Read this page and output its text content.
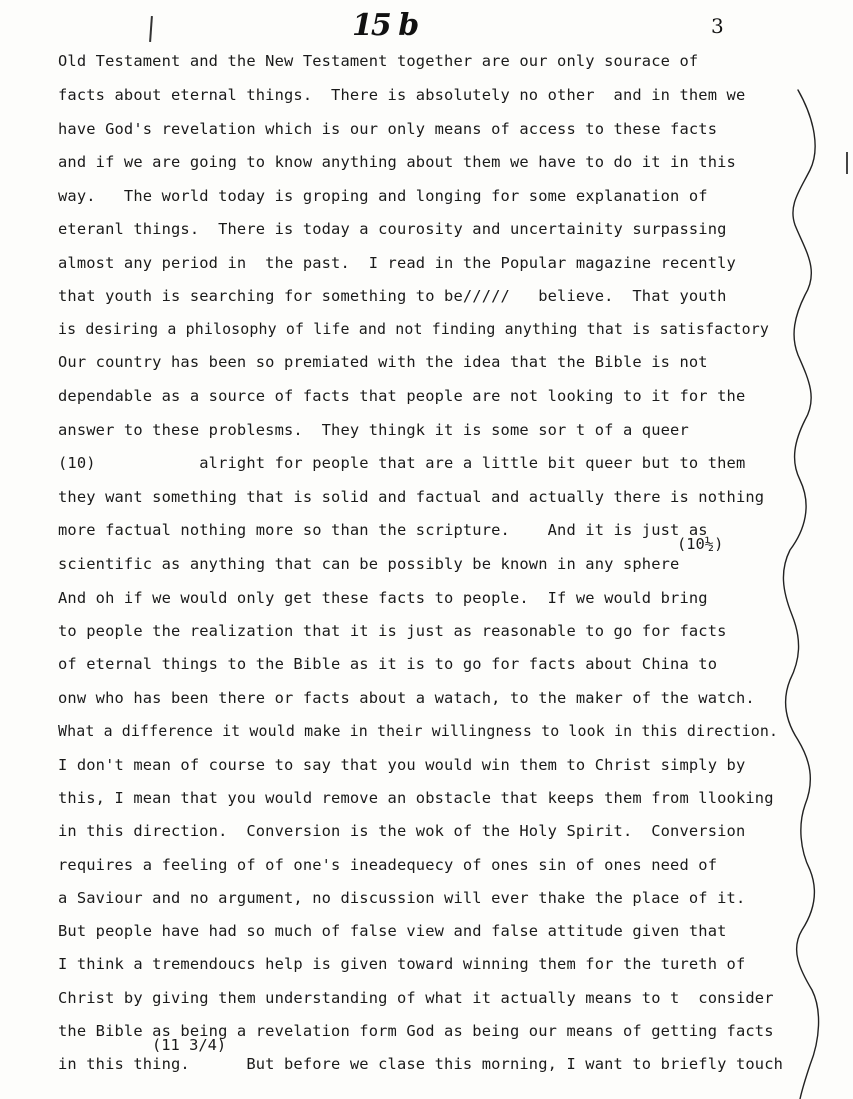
15 b	3
Old Testament and the New Testament together are our only sourace of
facts about eternal things.  There is absolutely no other  and in them we
have God's revelation which is our only means of access to these facts
and if we are going to know anything about them we have to do it in this
way.   The world today is groping and longing for some explanation of
eteranl things.  There is today a courosity and uncertainity surpassing
almost any period in  the past.  I read in the Popular magazine recently
that youth is searching for something to be/////   believe.  That youth
is desiring a philosophy of life and not finding anything that is satisfactory
Our country has been so premiated with the idea that the Bible is not
dependable as a source of facts that people are not looking to it for the
answer to these problesms.  They thingk it is some sor t of a queer
(10)           alright for people that are a little bit queer but to them
they want something that is solid and factual and actually there is nothing
more factual nothing more so than the scripture.    And it is just as
scientific as anything that can be possibly be known in any sphere
And oh if we would only get these facts to people.  If we would bring
to people the realization that it is just as reasonable to go for facts
of eternal things to the Bible as it is to go for facts about China to
onw who has been there or facts about a watach, to the maker of the watch.
What a difference it would make in their willingness to look in this direction.
I don't mean of course to say that you would win them to Christ simply by
this, I mean that you would remove an obstacle that keeps them from llooking
in this direction.  Conversion is the wok of the Holy Spirit.  Conversion
requires a feeling of of one's ineadequecy of ones sin of ones need of
a Saviour and no argument, no discussion will ever thake the place of it.
But people have had so much of false view and false attitude given that
I think a tremendoucs help is given toward winning them for the tureth of
Christ by giving them understanding of what it actually means to t  consider
the Bible as being a revelation form God as being our means of getting facts
in this thing.      But before we clase this morning, I want to briefly touch
(10½)
(11 3/4)
